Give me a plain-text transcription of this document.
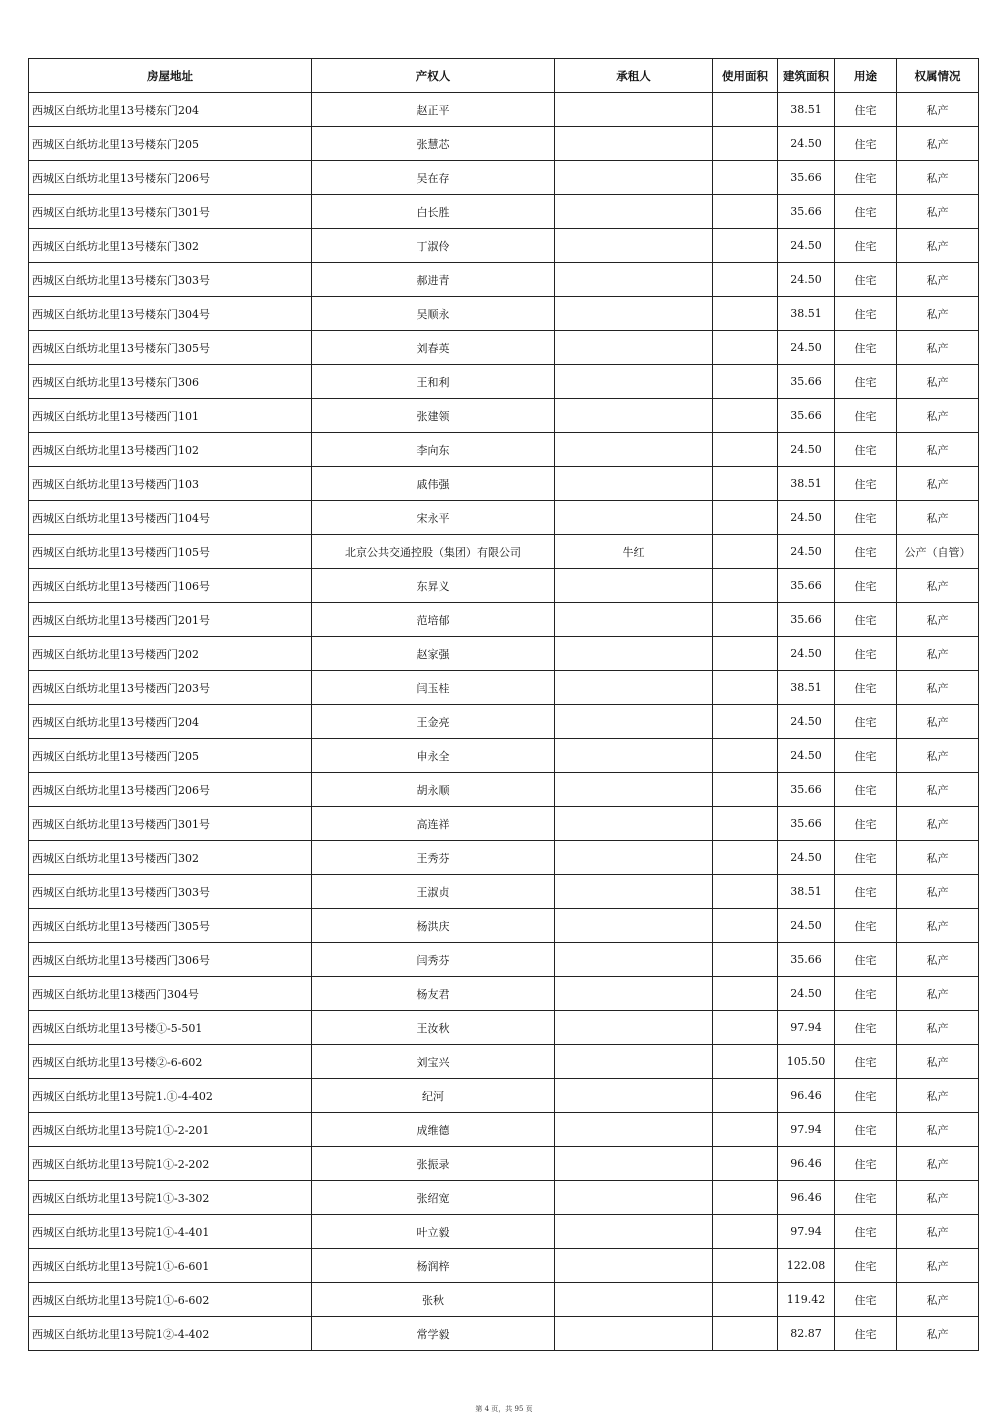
房屋地址	产权人	承租人	使用面积	建筑面积	用途	权属情况
西城区白纸坊北里13号楼东门204	赵正平			38.51	住宅	私产
西城区白纸坊北里13号楼东门205	张慧芯			24.50	住宅	私产
西城区白纸坊北里13号楼东门206号	吴在存			35.66	住宅	私产
西城区白纸坊北里13号楼东门301号	白长胜			35.66	住宅	私产
西城区白纸坊北里13号楼东门302	丁淑伶			24.50	住宅	私产
西城区白纸坊北里13号楼东门303号	郝进青			24.50	住宅	私产
西城区白纸坊北里13号楼东门304号	吴顺永			38.51	住宅	私产
西城区白纸坊北里13号楼东门305号	刘春英			24.50	住宅	私产
西城区白纸坊北里13号楼东门306	王和利			35.66	住宅	私产
西城区白纸坊北里13号楼西门101	张建领			35.66	住宅	私产
西城区白纸坊北里13号楼西门102	李向东			24.50	住宅	私产
西城区白纸坊北里13号楼西门103	戚伟强			38.51	住宅	私产
西城区白纸坊北里13号楼西门104号	宋永平			24.50	住宅	私产
西城区白纸坊北里13号楼西门105号	北京公共交通控股（集团）有限公司	牛红		24.50	住宅	公产（自管）
西城区白纸坊北里13号楼西门106号	东昇义			35.66	住宅	私产
西城区白纸坊北里13号楼西门201号	范培郁			35.66	住宅	私产
西城区白纸坊北里13号楼西门202	赵家强			24.50	住宅	私产
西城区白纸坊北里13号楼西门203号	闫玉桂			38.51	住宅	私产
西城区白纸坊北里13号楼西门204	王金亮			24.50	住宅	私产
西城区白纸坊北里13号楼西门205	申永全			24.50	住宅	私产
西城区白纸坊北里13号楼西门206号	胡永顺			35.66	住宅	私产
西城区白纸坊北里13号楼西门301号	高连祥			35.66	住宅	私产
西城区白纸坊北里13号楼西门302	王秀芬			24.50	住宅	私产
西城区白纸坊北里13号楼西门303号	王淑贞			38.51	住宅	私产
西城区白纸坊北里13号楼西门305号	杨洪庆			24.50	住宅	私产
西城区白纸坊北里13号楼西门306号	闫秀芬			35.66	住宅	私产
西城区白纸坊北里13楼西门304号	杨友君			24.50	住宅	私产
西城区白纸坊北里13号楼①-5-501	王汝秋			97.94	住宅	私产
西城区白纸坊北里13号楼②-6-602	刘宝兴			105.50	住宅	私产
西城区白纸坊北里13号院1.①-4-402	纪河			96.46	住宅	私产
西城区白纸坊北里13号院1①-2-201	成维德			97.94	住宅	私产
西城区白纸坊北里13号院1①-2-202	张振录			96.46	住宅	私产
西城区白纸坊北里13号院1①-3-302	张绍宽			96.46	住宅	私产
西城区白纸坊北里13号院1①-4-401	叶立毅			97.94	住宅	私产
西城区白纸坊北里13号院1①-6-601	杨润梓			122.08	住宅	私产
西城区白纸坊北里13号院1①-6-602	张秋			119.42	住宅	私产
西城区白纸坊北里13号院1②-4-402	常学毅			82.87	住宅	私产
第 4 页，共 95 页
